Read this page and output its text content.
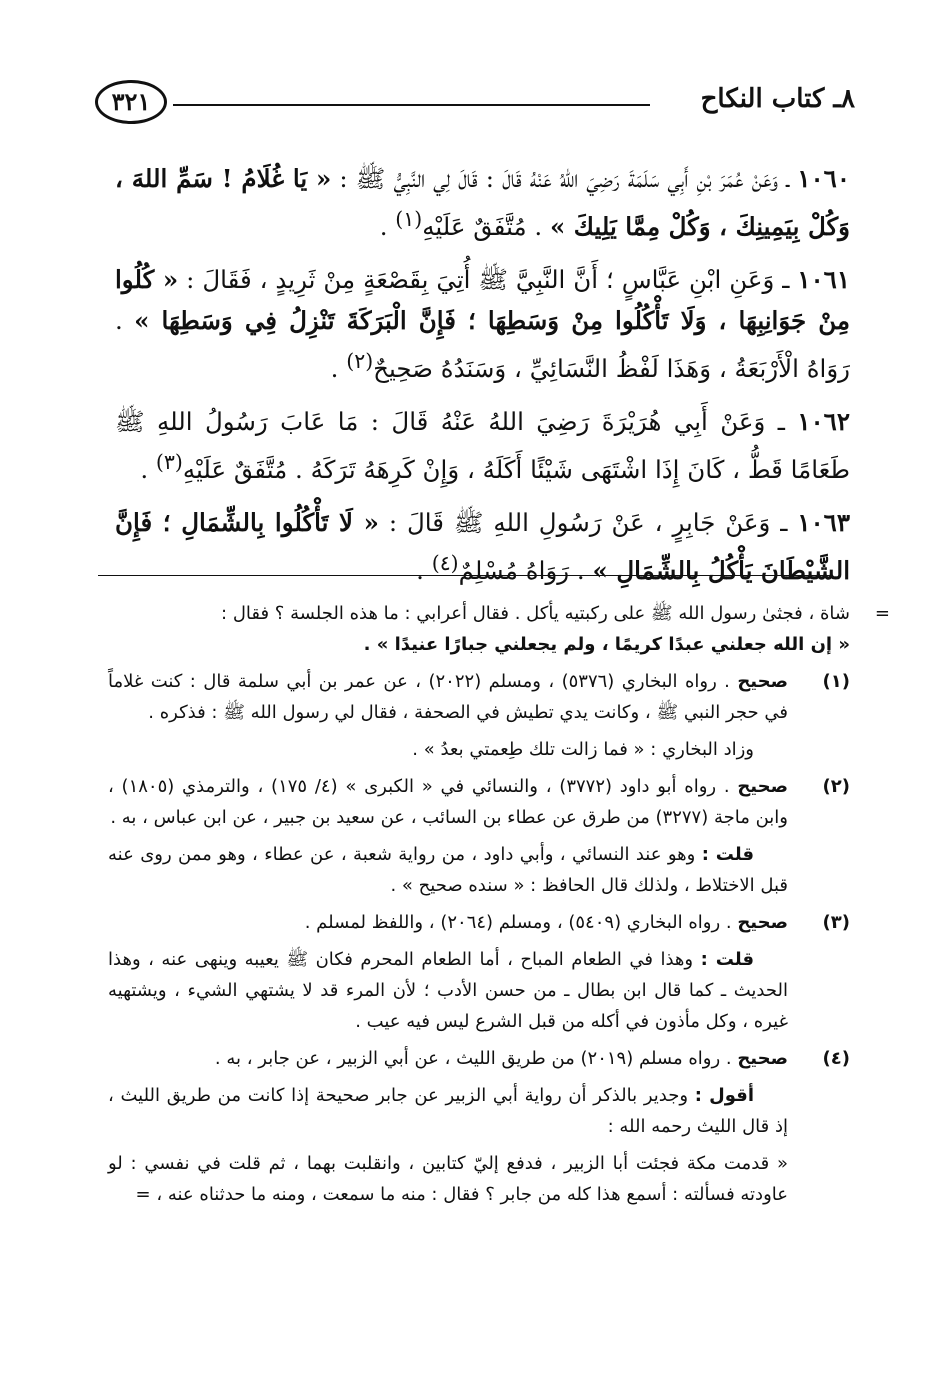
٨ـ كتاب النكاح
٣٢١

١٠٦٠ ـ وَعَنْ عُمَرَ بْنِ أَبِي سَلَمَةَ رَضِيَ اللهُ عَنْهُ قَالَ : قَالَ لِي النَّبِيُّ ﷺ : « يَا غُلَامُ ! سَمِّ اللهَ ، وَكُلْ بِيَمِينِكَ ، وَكُلْ مِمَّا يَلِيكَ » . مُتَّفَقٌ عَلَيْهِ$^{(١)}$ .

١٠٦١ ـ وَعَنِ ابْنِ عَبَّاسٍ ؛ أَنَّ النَّبِيَّ ﷺ أُتِيَ بِقَصْعَةٍ مِنْ ثَرِيدٍ ، فَقَالَ : « كُلُوا مِنْ جَوَانِبِهَا ، وَلَا تَأْكُلُوا مِنْ وَسَطِهَا ؛ فَإِنَّ الْبَرَكَةَ تَنْزِلُ فِي وَسَطِهَا » . رَوَاهُ الْأَرْبَعَةُ ، وَهَذَا لَفْظُ النَّسَائِيِّ ، وَسَنَدُهُ صَحِيحٌ$^{(٢)}$ .

١٠٦٢ ـ وَعَنْ أَبِي هُرَيْرَةَ رَضِيَ اللهُ عَنْهُ قَالَ : مَا عَابَ رَسُولُ اللهِ ﷺ طَعَامًا قَطُّ ، كَانَ إِذَا اشْتَهَى شَيْئًا أَكَلَهُ ، وَإِنْ كَرِهَهُ تَرَكَهُ . مُتَّفَقٌ عَلَيْهِ$^{(٣)}$ .

١٠٦٣ ـ وَعَنْ جَابِرٍ ، عَنْ رَسُولِ اللهِ ﷺ قَالَ : « لَا تَأْكُلُوا بِالشِّمَالِ ؛ فَإِنَّ الشَّيْطَانَ يَأْكُلُ بِالشِّمَالِ » . رَوَاهُ مُسْلِمٌ$^{(٤)}$ .

=

شاة ، فجثىٰ رسول الله ﷺ على ركبتيه يأكل . فقال أعرابي : ما هذه الجلسة ؟ فقال :
« إن الله جعلني عبدًا كريمًا ، ولم يجعلني جبارًا عنيدًا » .

(١)

صحيح . رواه البخاري (٥٣٧٦) ، ومسلم (٢٠٢٢) ، عن عمر بن أبي سلمة قال : كنت غلاماً في حجر النبي ﷺ ، وكانت يدي تطيش في الصحفة ، فقال لي رسول الله ﷺ : فذكره .

وزاد البخاري : « فما زالت تلك طِعمتي بعدُ » .

(٢)

صحيح . رواه أبو داود (٣٧٧٢) ، والنسائي في « الكبرى » (٤/ ١٧٥) ، والترمذي (١٨٠٥) ، وابن ماجة (٣٢٧٧) من طرق عن عطاء بن السائب ، عن سعيد بن جبير ، عن ابن عباس ، به .

قلت : وهو عند النسائي ، وأبي داود ، من رواية شعبة ، عن عطاء ، وهو ممن روى عنه قبل الاختلاط ، ولذلك قال الحافظ : « سنده صحيح » .

(٣)

صحيح . رواه البخاري (٥٤٠٩) ، ومسلم (٢٠٦٤) ، واللفظ لمسلم .

قلت : وهذا في الطعام المباح ، أما الطعام المحرم فكان ﷺ يعيبه وينهى عنه ، وهذا الحديث ـ كما قال ابن بطال ـ من حسن الأدب ؛ لأن المرء قد لا يشتهي الشيء ، ويشتهيه غيره ، وكل مأذون في أكله من قبل الشرع ليس فيه عيب .

(٤)

صحيح . رواه مسلم (٢٠١٩) من طريق الليث ، عن أبي الزبير ، عن جابر ، به .

أقول : وجدير بالذكر أن رواية أبي الزبير عن جابر صحيحة إذا كانت من طريق الليث ، إذ قال الليث رحمه الله :

« قدمت مكة فجئت أبا الزبير ، فدفع إليّ كتابين ، وانقلبت بهما ، ثم قلت في نفسي : لو عاودته فسألته : أسمع هذا كله من جابر ؟ فقال : منه ما سمعت ، ومنه ما حدثناه عنه ، =
